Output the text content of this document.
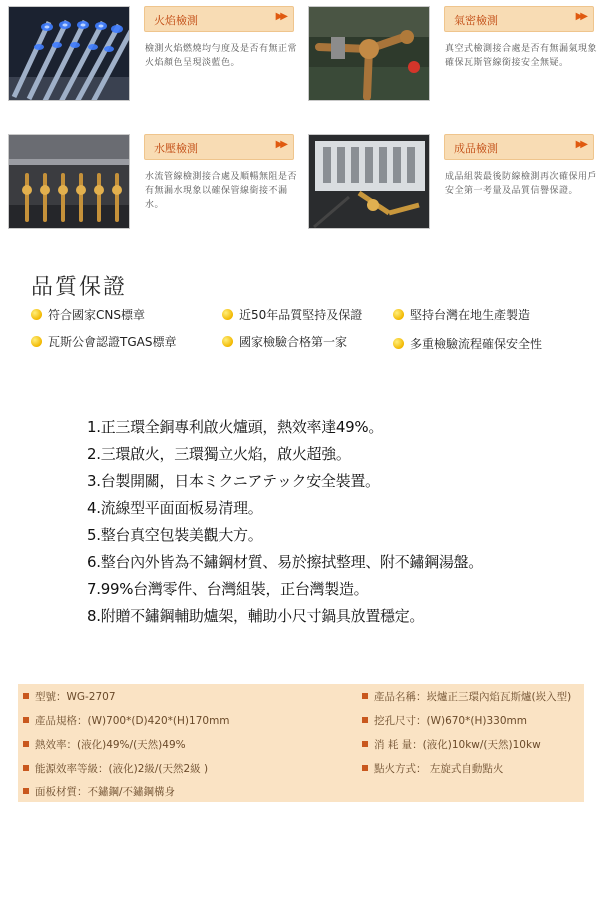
火焰檢測	▶▶
檢測火焰燃燒均勻度及是否有無正常火焰顏色呈現淡藍色。
氣密檢測	▶▶
真空式檢測接合處是否有無漏氣現象確保瓦斯管線銜接安全無疑。
水壓檢測	▶▶
水流管線檢測接合處及順暢無阻是否有無漏水現象以確保管線銜接不漏水。
成品檢測	▶▶
成品組裝最後防線檢測再次確保用戶安全第一考量及品質信譽保證。
品質保證
符合國家CNS標章	近50年品質堅持及保證	堅持台灣在地生產製造
瓦斯公會認證TGAS標章	國家檢驗合格第一家	多重檢驗流程確保安全性
1.正三環全銅專利啟火爐頭，熱效率達49%。
2.三環啟火，三環獨立火焰，啟火超強。
3.台製開關，日本ミクニアテック安全裝置。
4.流線型平面面板易清理。
5.整台真空包裝美觀大方。
6.整台內外皆為不鏽鋼材質、易於擦拭整理、附不鏽鋼湯盤。
7.99%台灣零件、台灣組裝，正台灣製造。
8.附贈不鏽鋼輔助爐架，輔助小尺寸鍋具放置穩定。
型號：WG-2707	產品名稱：崁爐正三環內焰瓦斯爐(崁入型)
產品規格：(W)700*(D)420*(H)170mm	挖孔尺寸：(W)670*(H)330mm
熱效率：(液化)49%/(天然)49%	消 耗 量：(液化)10kw/(天然)10kw
能源效率等級：(液化)2級/(天然2級 )	點火方式： 左旋式自動點火
面板材質：不鏽鋼/不鏽鋼構身
